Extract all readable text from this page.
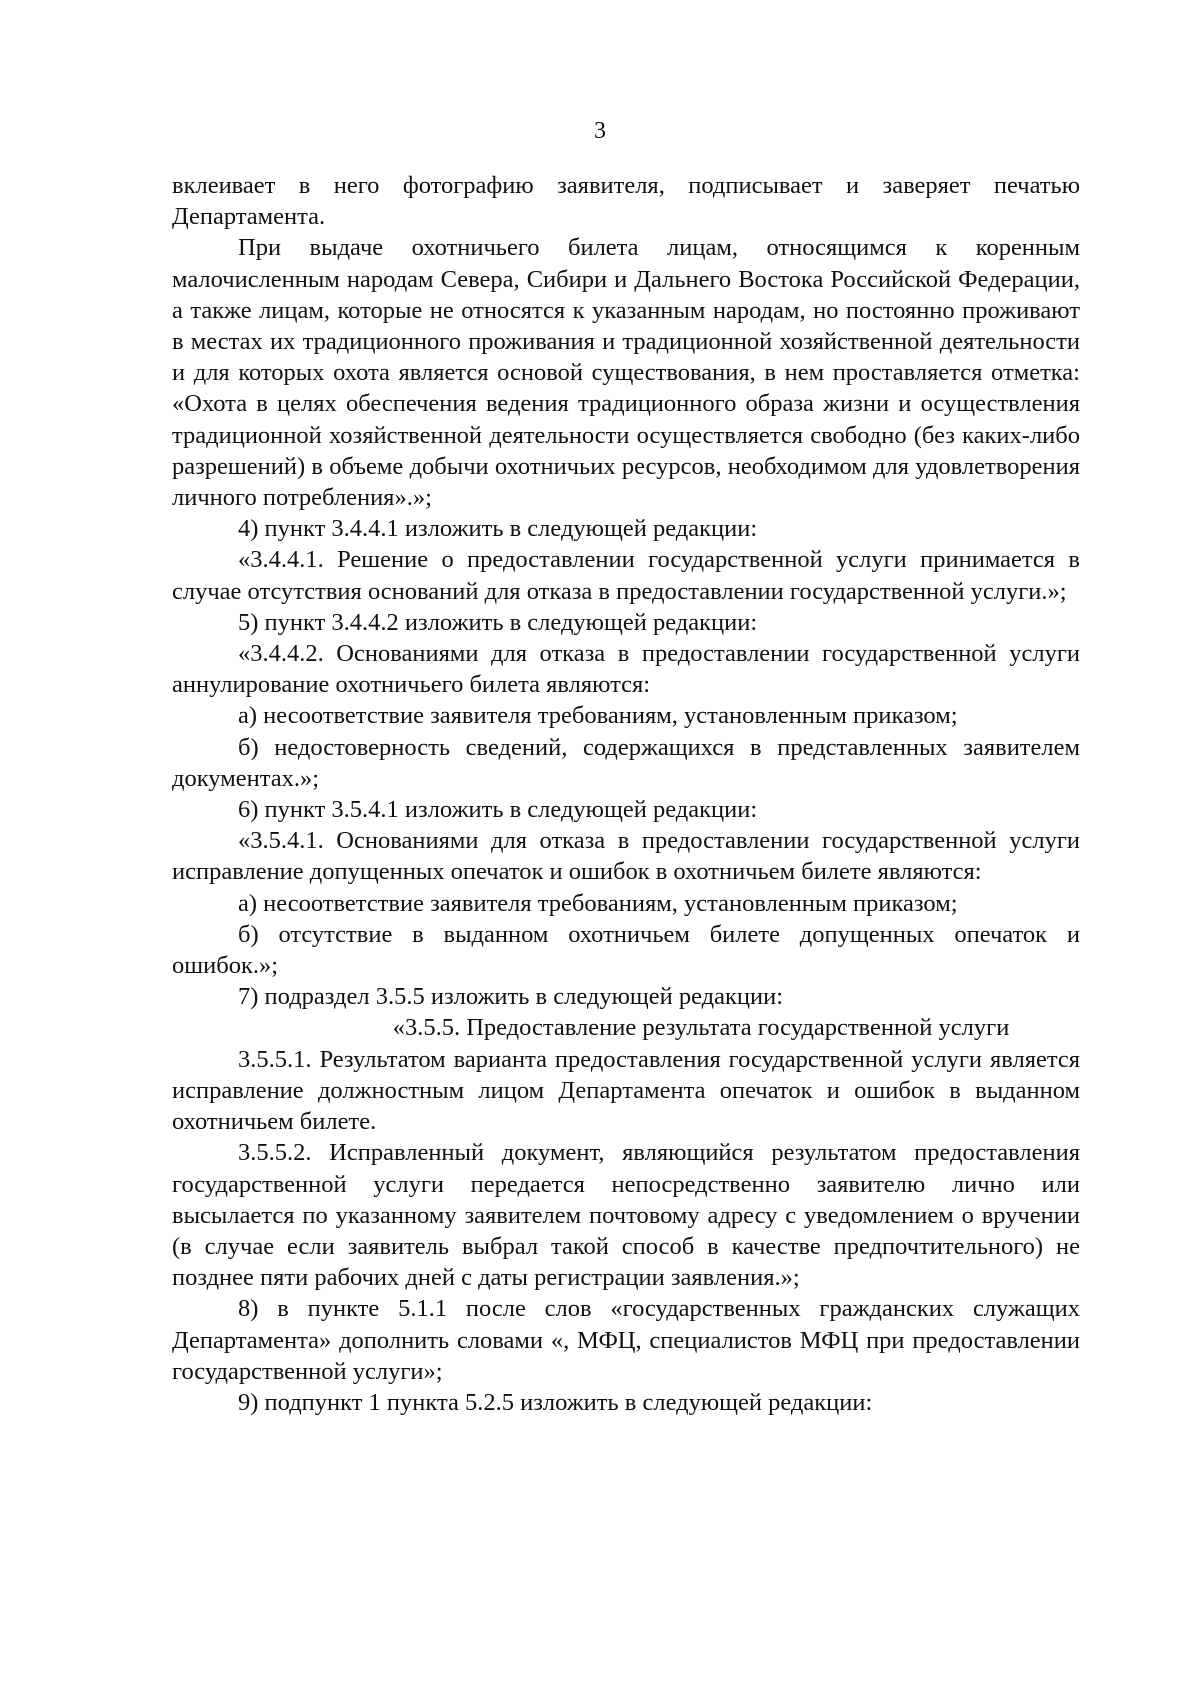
3

вклеивает в него фотографию заявителя, подписывает и заверяет печатью Департамента.

При выдаче охотничьего билета лицам, относящимся к коренным малочисленным народам Севера, Сибири и Дальнего Востока Российской Федерации, а также лицам, которые не относятся к указанным народам, но постоянно проживают в местах их традиционного проживания и традиционной хозяйственной деятельности и для которых охота является основой существования, в нем проставляется отметка: «Охота в целях обеспечения ведения традиционного образа жизни и осуществления традиционной хозяйственной деятельности осуществляется свободно (без каких-либо разрешений) в объеме добычи охотничьих ресурсов, необходимом для удовлетворения личного потребления».»;

4) пункт 3.4.4.1 изложить в следующей редакции:

«3.4.4.1. Решение о предоставлении государственной услуги принимается в случае отсутствия оснований для отказа в предоставлении государственной услуги.»;

5) пункт 3.4.4.2 изложить в следующей редакции:

«3.4.4.2. Основаниями для отказа в предоставлении государственной услуги аннулирование охотничьего билета являются:

а) несоответствие заявителя требованиям, установленным приказом;

б) недостоверность сведений, содержащихся в представленных заявителем документах.»;

6) пункт 3.5.4.1 изложить в следующей редакции:

«3.5.4.1. Основаниями для отказа в предоставлении государственной услуги исправление допущенных опечаток и ошибок в охотничьем билете являются:

а) несоответствие заявителя требованиям, установленным приказом;

б) отсутствие в выданном охотничьем билете допущенных опечаток и ошибок.»;

7) подраздел 3.5.5 изложить в следующей редакции:

«3.5.5. Предоставление результата государственной услуги

3.5.5.1. Результатом варианта предоставления государственной услуги является исправление должностным лицом Департамента опечаток и ошибок в выданном охотничьем билете.

3.5.5.2. Исправленный документ, являющийся результатом предоставления государственной услуги передается непосредственно заявителю лично или высылается по указанному заявителем почтовому адресу с уведомлением о вручении (в случае если заявитель выбрал такой способ в качестве предпочтительного) не позднее пяти рабочих дней с даты регистрации заявления.»;

8) в пункте 5.1.1 после слов «государственных гражданских служащих Департамента» дополнить словами «, МФЦ, специалистов МФЦ при предоставлении государственной услуги»;

9) подпункт 1 пункта 5.2.5 изложить в следующей редакции:
